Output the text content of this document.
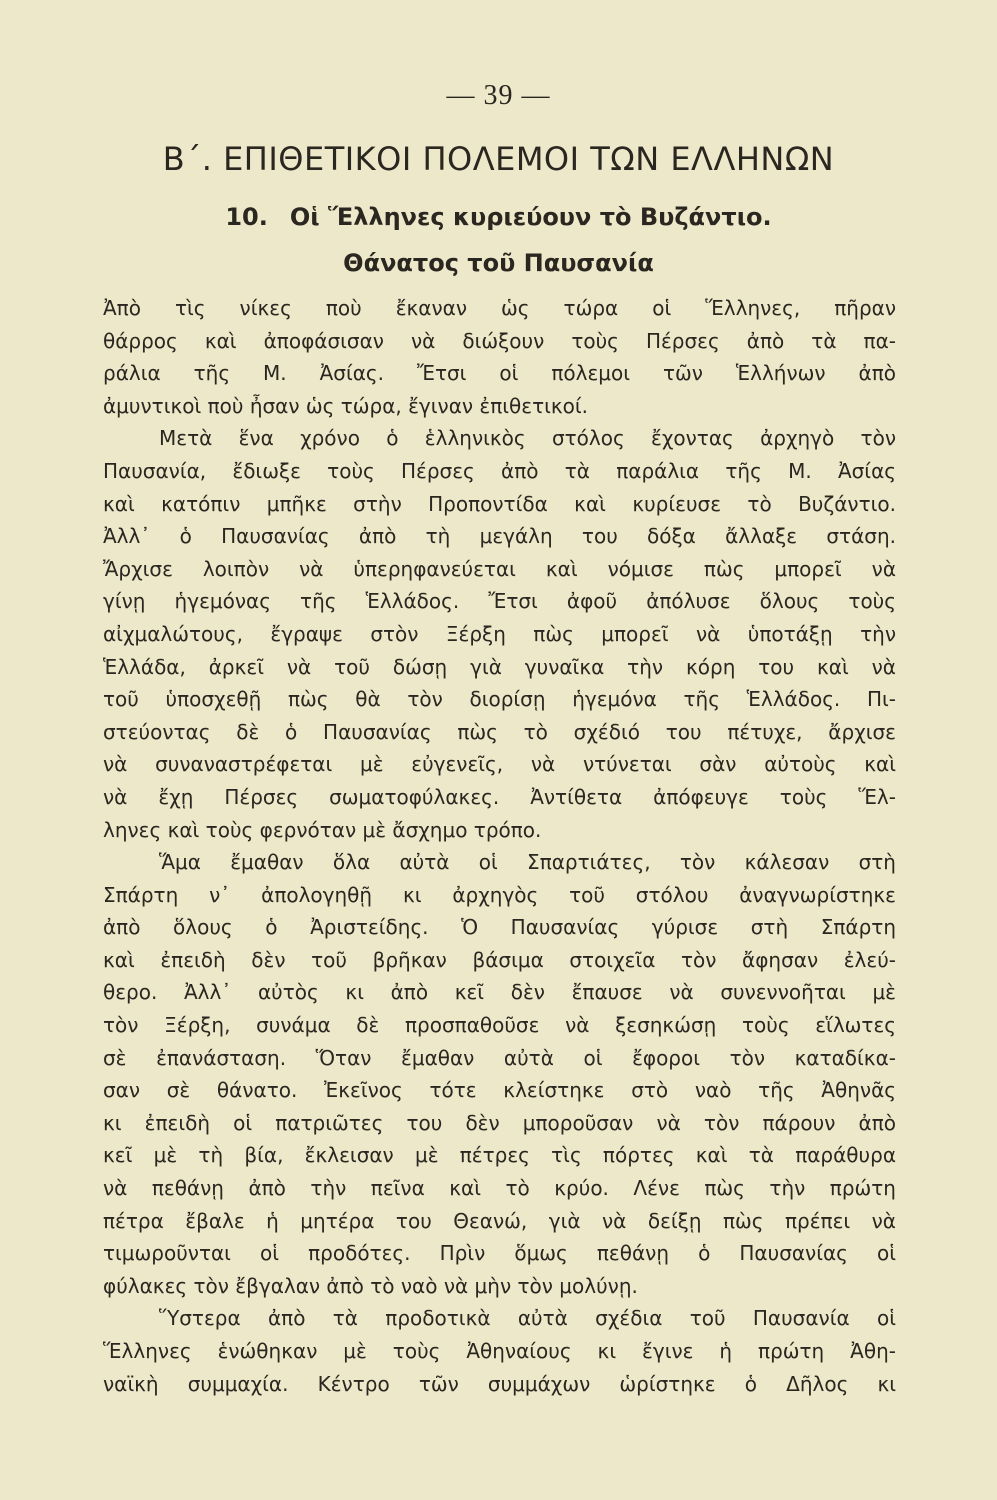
— 39 —
Β΄. ΕΠΙΘΕΤΙΚΟΙ ΠΟΛΕΜΟΙ ΤΩΝ ΕΛΛΗΝΩΝ
10. Οἱ Ἕλληνες κυριεύουν τὸ Βυζάντιο.
Θάνατος τοῦ Παυσανία
Ἀπὸ τὶς νίκες ποὺ ἔκαναν ὡς τώρα οἱ Ἕλληνες, πῆραν
θάρρος καὶ ἀποφάσισαν νὰ διώξουν τοὺς Πέρσες ἀπὸ τὰ πα-
ράλια τῆς Μ. Ἀσίας. Ἔτσι οἱ πόλεμοι τῶν Ἑλλήνων ἀπὸ
ἀμυντικοὶ ποὺ ἦσαν ὡς τώρα, ἔγιναν ἐπιθετικοί.
Μετὰ ἕνα χρόνο ὁ ἑλληνικὸς στόλος ἔχοντας ἀρχηγὸ τὸν
Παυσανία, ἔδιωξε τοὺς Πέρσες ἀπὸ τὰ παράλια τῆς Μ. Ἀσίας
καὶ κατόπιν μπῆκε στὴν Προποντίδα καὶ κυρίευσε τὸ Βυζάντιο.
Ἀλλ᾽ ὁ Παυσανίας ἀπὸ τὴ μεγάλη του δόξα ἄλλαξε στάση.
Ἄρχισε λοιπὸν νὰ ὑπερηφανεύεται καὶ νόμισε πὼς μπορεῖ νὰ
γίνῃ ἡγεμόνας τῆς Ἑλλάδος. Ἔτσι ἀφοῦ ἀπόλυσε ὅλους τοὺς
αἰχμαλώτους, ἔγραψε στὸν Ξέρξη πὼς μπορεῖ νὰ ὑποτάξῃ τὴν
Ἑλλάδα, ἀρκεῖ νὰ τοῦ δώσῃ γιὰ γυναῖκα τὴν κόρη του καὶ νὰ
τοῦ ὑποσχεθῇ πὼς θὰ τὸν διορίσῃ ἡγεμόνα τῆς Ἑλλάδος. Πι-
στεύοντας δὲ ὁ Παυσανίας πὼς τὸ σχέδιό του πέτυχε, ἄρχισε
νὰ συναναστρέφεται μὲ εὐγενεῖς, νὰ ντύνεται σὰν αὐτοὺς καὶ
νὰ ἔχῃ Πέρσες σωματοφύλακες. Ἀντίθετα ἀπόφευγε τοὺς Ἕλ-
ληνες καὶ τοὺς φερνόταν μὲ ἄσχημο τρόπο.
Ἅμα ἔμαθαν ὅλα αὐτὰ οἱ Σπαρτιάτες, τὸν κάλεσαν στὴ
Σπάρτη ν᾽ ἀπολογηθῇ κι ἀρχηγὸς τοῦ στόλου ἀναγνωρίστηκε
ἀπὸ ὅλους ὁ Ἀριστείδης. Ὁ Παυσανίας γύρισε στὴ Σπάρτη
καὶ ἐπειδὴ δὲν τοῦ βρῆκαν βάσιμα στοιχεῖα τὸν ἄφησαν ἐλεύ-
θερο. Ἀλλ᾽ αὐτὸς κι ἀπὸ κεῖ δὲν ἔπαυσε νὰ συνεννοῆται μὲ
τὸν Ξέρξη, συνάμα δὲ προσπαθοῦσε νὰ ξεσηκώσῃ τοὺς εἵλωτες
σὲ ἐπανάσταση. Ὅταν ἔμαθαν αὐτὰ οἱ ἔφοροι τὸν καταδίκα-
σαν σὲ θάνατο. Ἐκεῖνος τότε κλείστηκε στὸ ναὸ τῆς Ἀθηνᾶς
κι ἐπειδὴ οἱ πατριῶτες του δὲν μποροῦσαν νὰ τὸν πάρουν ἀπὸ
κεῖ μὲ τὴ βία, ἔκλεισαν μὲ πέτρες τὶς πόρτες καὶ τὰ παράθυρα
νὰ πεθάνῃ ἀπὸ τὴν πεῖνα καὶ τὸ κρύο. Λένε πὼς τὴν πρώτη
πέτρα ἔβαλε ἡ μητέρα του Θεανώ, γιὰ νὰ δείξῃ πὼς πρέπει νὰ
τιμωροῦνται οἱ προδότες. Πρὶν ὅμως πεθάνῃ ὁ Παυσανίας οἱ
φύλακες τὸν ἔβγαλαν ἀπὸ τὸ ναὸ νὰ μὴν τὸν μολύνῃ.
Ὕστερα ἀπὸ τὰ προδοτικὰ αὐτὰ σχέδια τοῦ Παυσανία οἱ
Ἕλληνες ἑνώθηκαν μὲ τοὺς Ἀθηναίους κι ἔγινε ἡ πρώτη Ἀθη-
ναϊκὴ συμμαχία. Κέντρο τῶν συμμάχων ὡρίστηκε ὁ Δῆλος κι
